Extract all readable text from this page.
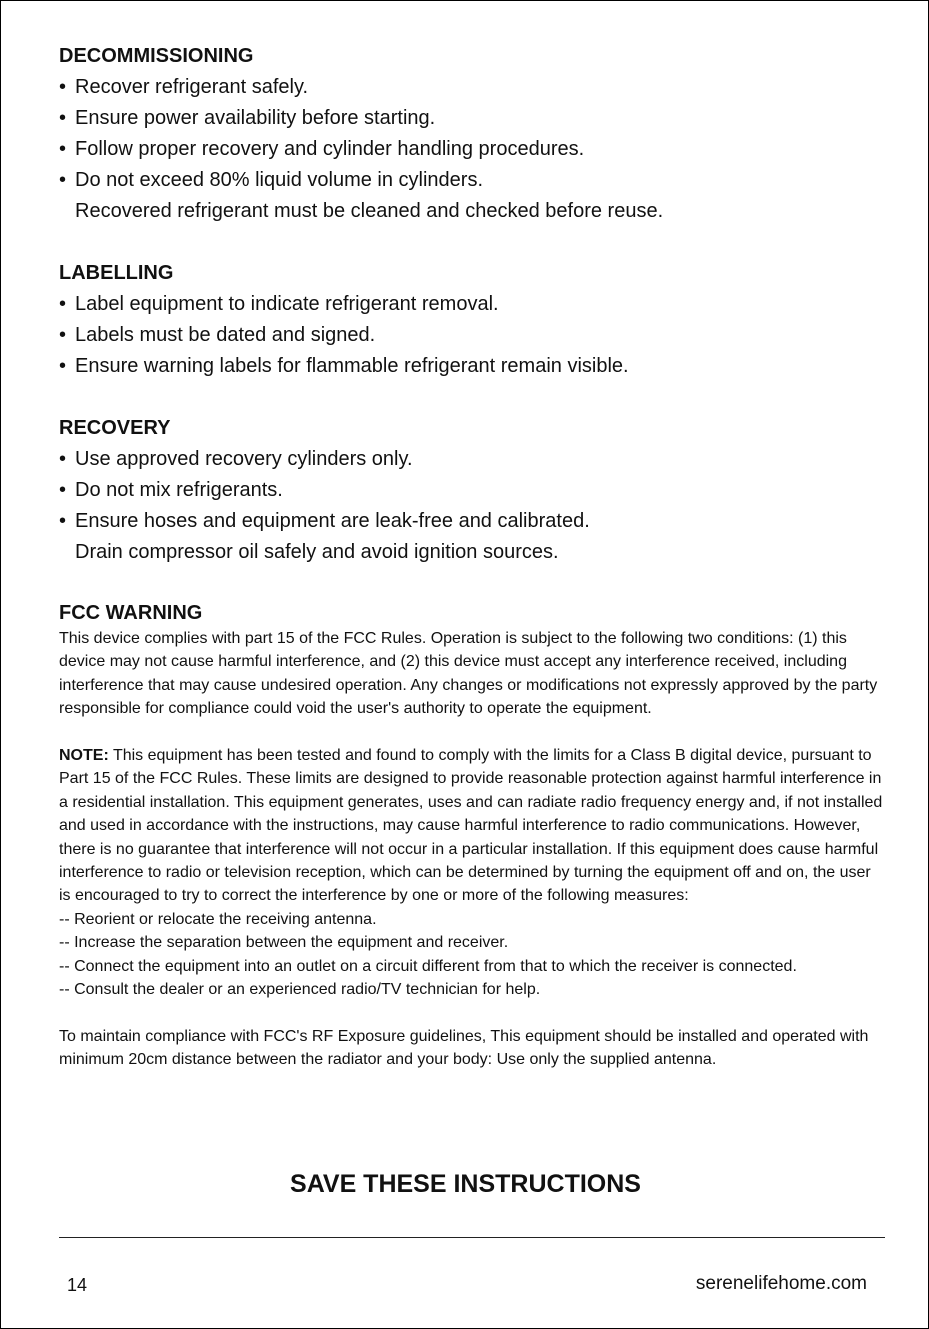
DECOMMISSIONING
• Recover refrigerant safely.
• Ensure power availability before starting.
• Follow proper recovery and cylinder handling procedures.
• Do not exceed 80% liquid volume in cylinders.
Recovered refrigerant must be cleaned and checked before reuse.
LABELLING
• Label equipment to indicate refrigerant removal.
• Labels must be dated and signed.
• Ensure warning labels for flammable refrigerant remain visible.
RECOVERY
• Use approved recovery cylinders only.
• Do not mix refrigerants.
• Ensure hoses and equipment are leak-free and calibrated.
Drain compressor oil safely and avoid ignition sources.
FCC WARNING

This device complies with part 15 of the FCC Rules. Operation is subject to the following two conditions: (1) this device may not cause harmful interference, and (2) this device must accept any interference received, including interference that may cause undesired operation. Any changes or modifications not expressly approved by the party responsible for compliance could void the user's authority to operate the equipment.

NOTE: This equipment has been tested and found to comply with the limits for a Class B digital device, pursuant to Part 15 of the FCC Rules. These limits are designed to provide reasonable protection against harmful interference in a residential installation. This equipment generates, uses and can radiate radio frequency energy and, if not installed and used in accordance with the instructions, may cause harmful interference to radio communications. However, there is no guarantee that interference will not occur in a particular installation. If this equipment does cause harmful interference to radio or television reception, which can be determined by turning the equipment off and on, the user is encouraged to try to correct the interference by one or more of the following measures:

-- Reorient or relocate the receiving antenna.
-- Increase the separation between the equipment and receiver.
-- Connect the equipment into an outlet on a circuit different from that to which the receiver is connected.
-- Consult the dealer or an experienced radio/TV technician for help.

To maintain compliance with FCC's RF Exposure guidelines, This equipment should be installed and operated with minimum 20cm distance between the radiator and your body: Use only the supplied antenna.

SAVE THESE INSTRUCTIONS
14	serenelifehome.com
